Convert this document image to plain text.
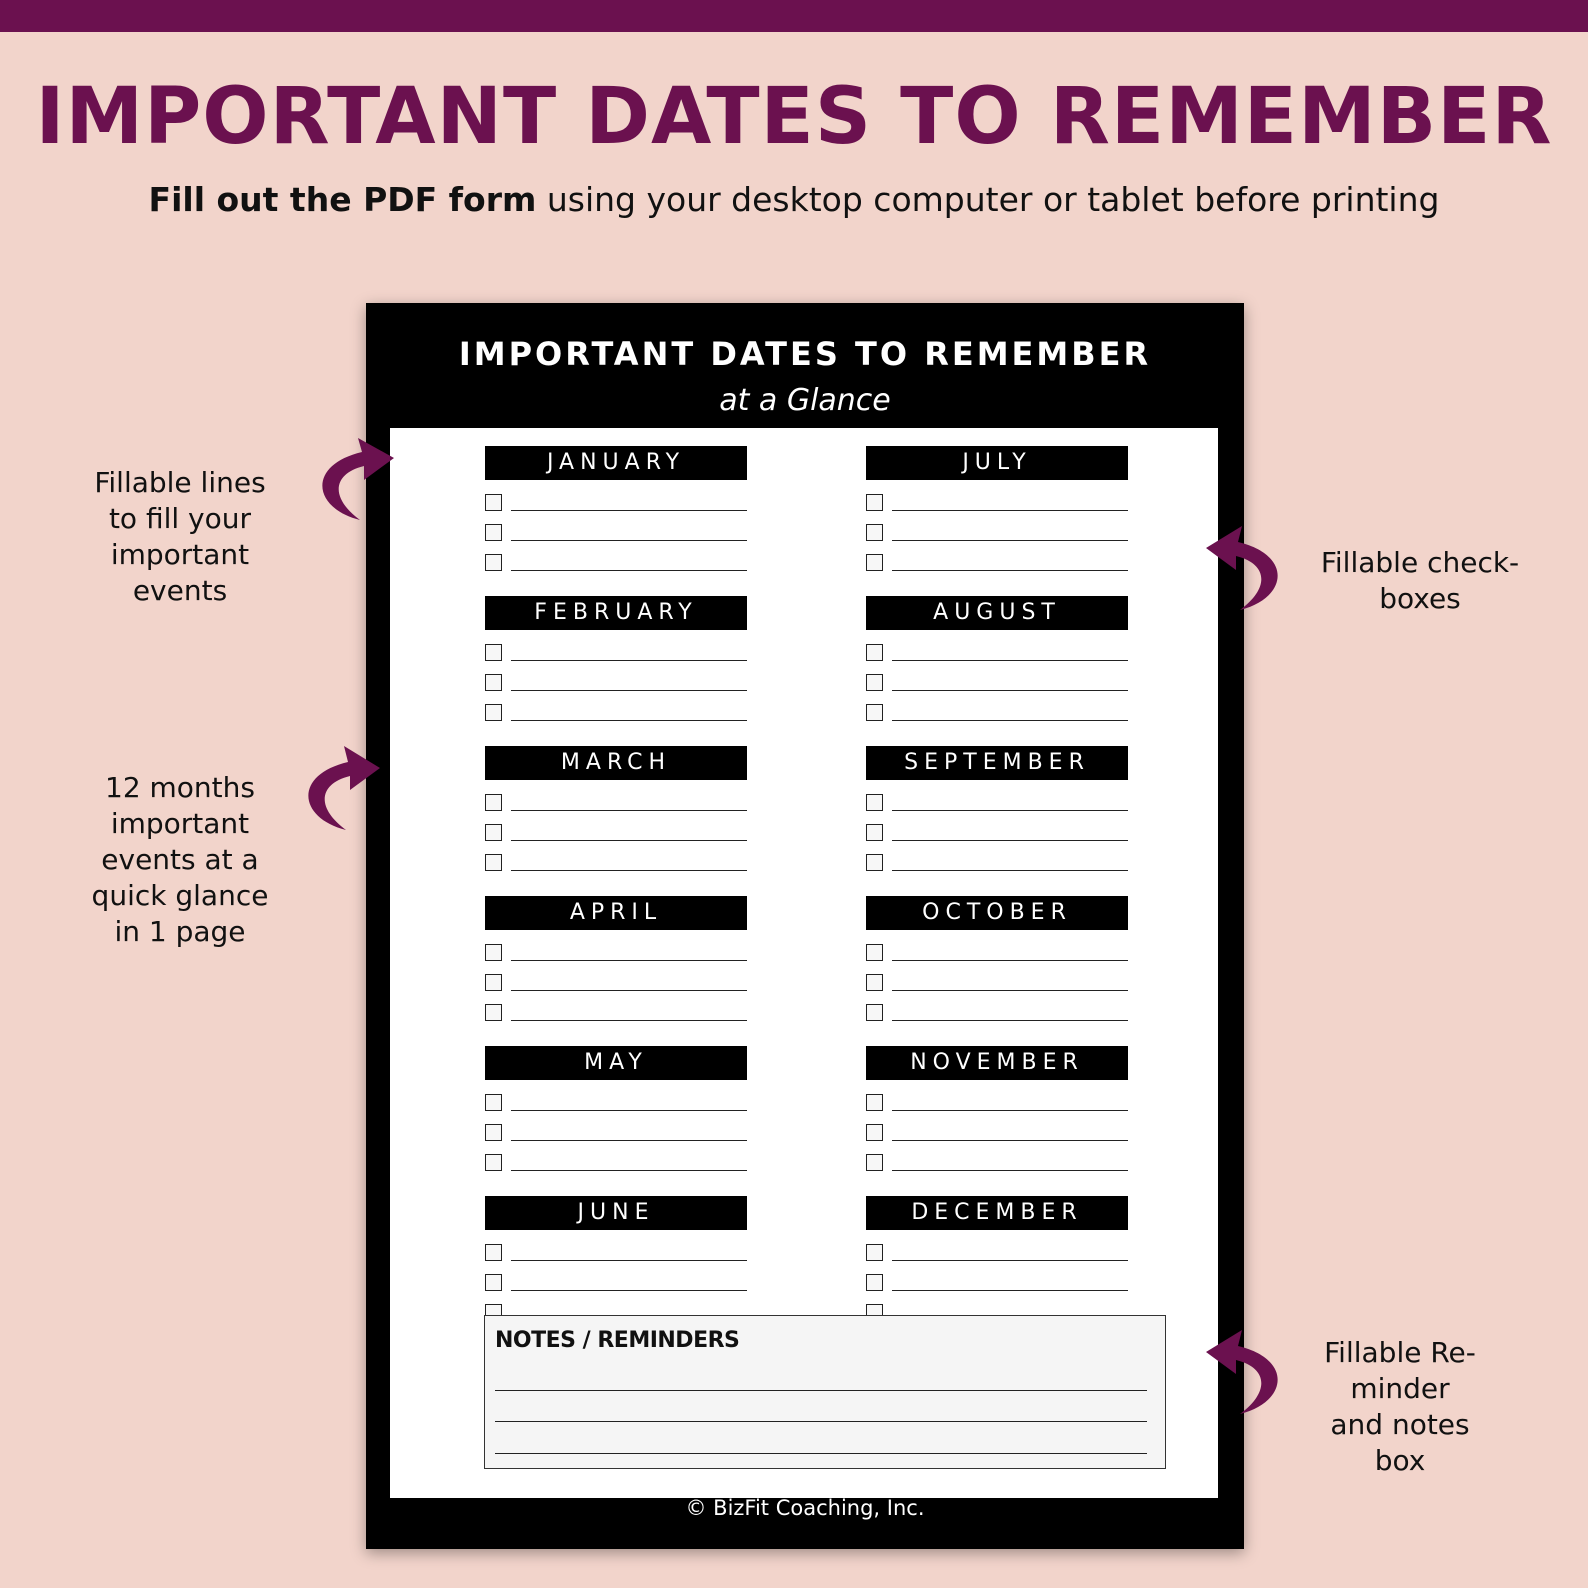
IMPORTANT DATES TO REMEMBER
Fill out the PDF form using your desktop computer or tablet before printing
IMPORTANT DATES TO REMEMBER
at a Glance
JANUARY
FEBRUARY
MARCH
APRIL
MAY
JUNE
JULY
AUGUST
SEPTEMBER
OCTOBER
NOVEMBER
DECEMBER
NOTES / REMINDERS
© BizFit Coaching, Inc.
Fillable lines
to fill your
important
events
12 months
important
events at a
quick glance
in 1 page
Fillable check-
boxes
Fillable Re-
minder
and notes
box
